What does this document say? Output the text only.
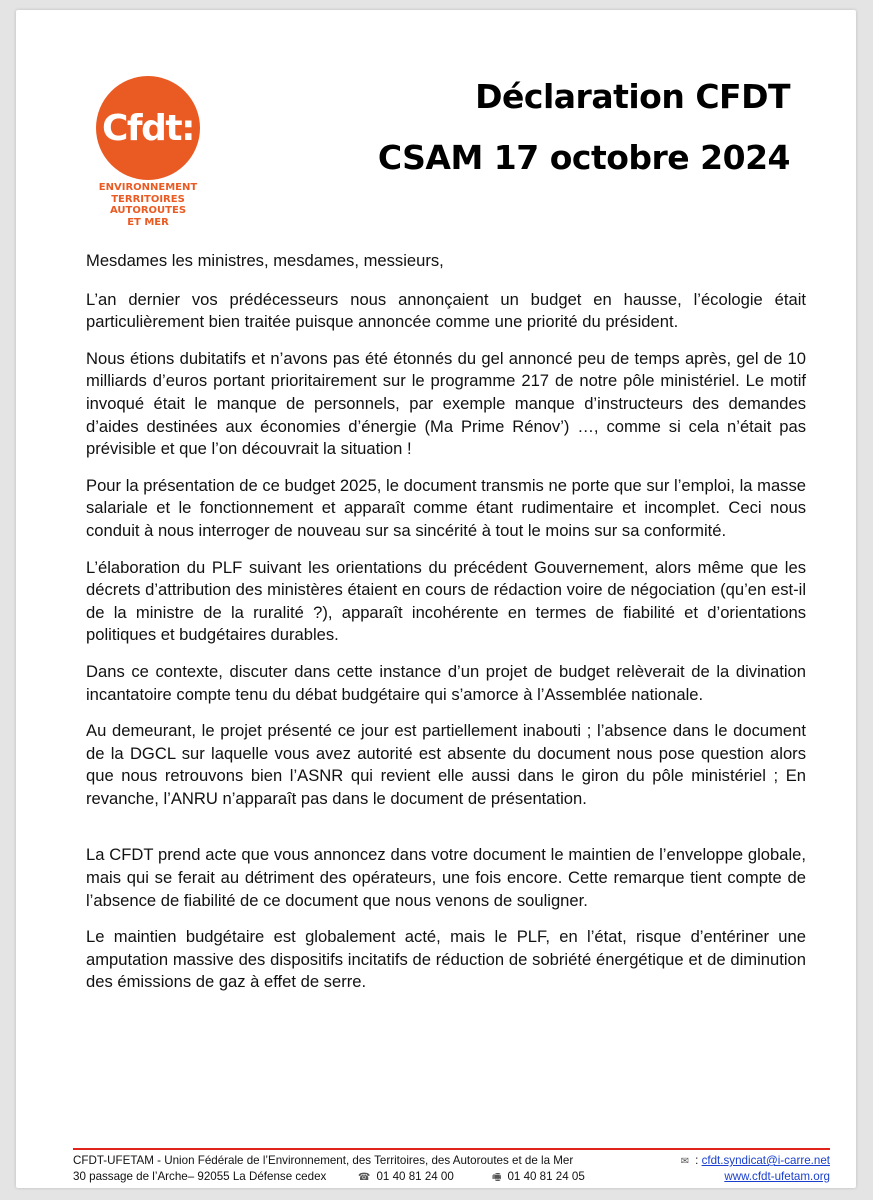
Cfdt:
ENVIRONNEMENT
TERRITOIRES
AUTOROUTES
ET MER
Déclaration CFDT
CSAM 17 octobre 2024

Mesdames les ministres, mesdames, messieurs,

L’an dernier vos prédécesseurs nous annonçaient un budget en hausse, l’écologie était particulièrement bien traitée puisque annoncée comme une priorité du président.

Nous étions dubitatifs et n’avons pas été étonnés du gel annoncé peu de temps après, gel de 10 milliards d’euros portant prioritairement sur le programme 217 de notre pôle ministériel. Le motif invoqué était le manque de personnels, par exemple manque d’instructeurs des demandes d’aides destinées aux économies d’énergie (Ma Prime Rénov’) …, comme si cela n’était pas prévisible et que l’on découvrait la situation !

Pour la présentation de ce budget 2025, le document transmis ne porte que sur l’emploi, la masse salariale et le fonctionnement et apparaît comme étant rudimentaire et incomplet. Ceci nous conduit à nous interroger de nouveau sur sa sincérité à tout le moins sur sa conformité.

L’élaboration du PLF suivant les orientations du précédent Gouvernement, alors même que les décrets d’attribution des ministères étaient en cours de rédaction voire de négociation (qu’en est-il de la ministre de la ruralité ?), apparaît incohérente en termes de fiabilité et d’orientations politiques et budgétaires durables.

Dans ce contexte, discuter dans cette instance d’un projet de budget relèverait de la divination incantatoire compte tenu du débat budgétaire qui s’amorce à l’Assemblée nationale.

Au demeurant, le projet présenté ce jour est partiellement inabouti ; l’absence dans le document de la DGCL sur laquelle vous avez autorité est absente du document nous pose question alors que nous retrouvons bien l’ASNR qui revient elle aussi dans le giron du pôle ministériel ; En revanche, l’ANRU n’apparaît pas dans le document de présentation.

La CFDT prend acte que vous annoncez dans votre document le maintien de l’enveloppe globale, mais qui se ferait au détriment des opérateurs, une fois encore. Cette remarque tient compte de l’absence de fiabilité de ce document que nous venons de souligner.

Le maintien budgétaire est globalement acté, mais le PLF, en l’état, risque d’entériner une amputation massive des dispositifs incitatifs de réduction de sobriété énergétique et de diminution des émissions de gaz à effet de serre.

CFDT-UFETAM - Union Fédérale de l’Environnement, des Territoires, des Autoroutes et de la Mer	✉ : cfdt.syndicat@i-carre.net
30 passage de l’Arche– 92055 La Défense cedex	☎ 01 40 81 24 00	🖷 01 40 81 24 05	www.cfdt-ufetam.org
